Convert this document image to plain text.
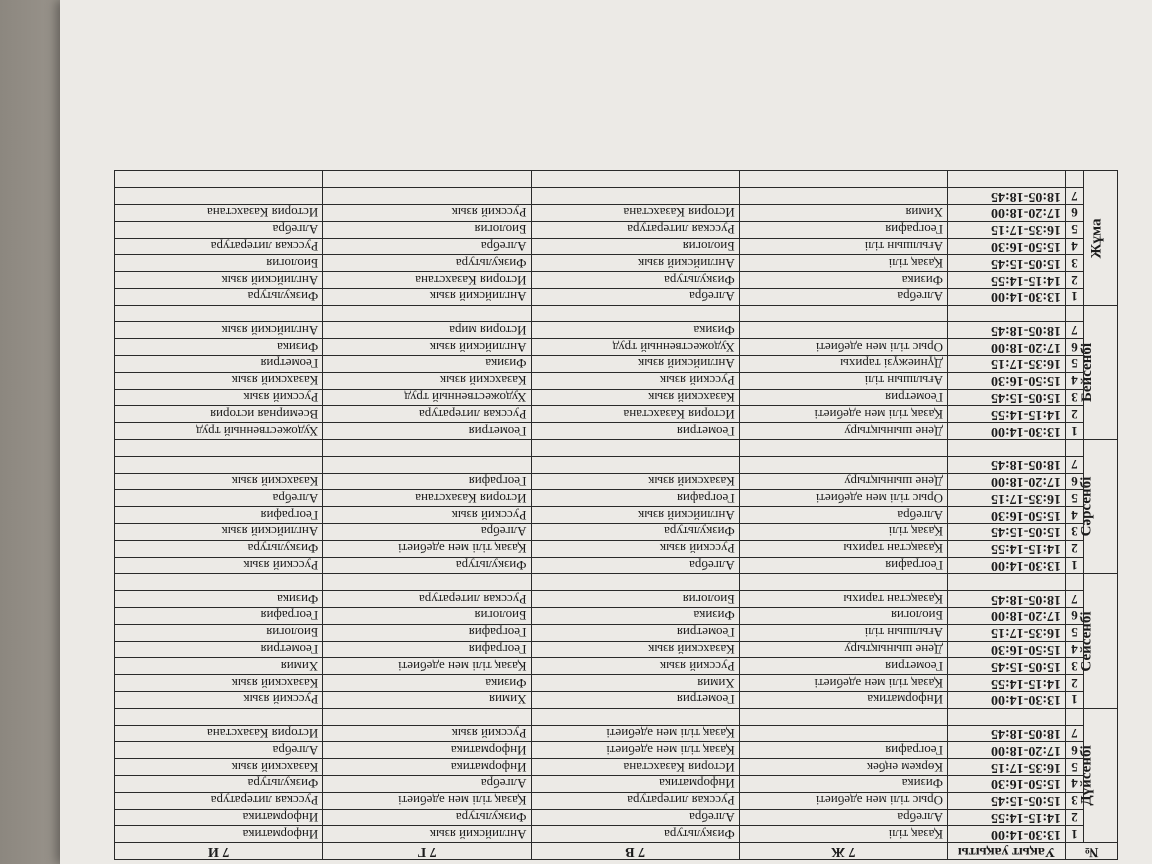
№		Уақыт уақыты	7 Ж	7 В	7 Г	7 И
Дүйсенбі	1	13:30-14:00	Қазақ тілі	Физкультура	Английский язык	Информатика
	2	14:15-14:55	Алгебра	Алгебра	Физкультура	Информатика
	3	15:05-15:45	Орыс тілі мен әдебиеті	Русская литература	Қазақ тілі мен әдебиеті	Русская литература
	4	15:50-16:30	Физика	Информатика	Алгебра	Физкультура
	5	16:35-17:15	Көркем еңбек	История Казахстана	Информатика	Казахский язык
	6	17:20-18:00	География	Қазақ тілі мен әдебиеті	Информатика	Алгебра
	7	18:05-18:45		Қазақ тілі мен әдебиеті	Русский язык	История Казахстана

Сейсенбі	1	13:30-14:00	Информатика	Геометрия	Химия	Русский язык
	2	14:15-14:55	Қазақ тілі мен әдебиеті	Химия	Физика	Казахский язык
	3	15:05-15:45	Геометрия	Русский язык	Қазақ тілі мен әдебиеті	Химия
	4	15:50-16:30	Дене шынықтыру	Казахский язык	География	Геометрия
	5	16:35-17:15	Ағылшын тілі	Геометрия	География	Биология
	6	17:20-18:00	Биология	Физика	Биология	География
	7	18:05-18:45	Қазақстан тарихы	Биология	Русская литература	Физика

Сәрсенбі	1	13:30-14:00	География	Алгебра	Физкультура	Русский язык
	2	14:15-14:55	Қазақстан тарихы	Русский язык	Қазақ тілі мен әдебиеті	Физкультура
	3	15:05-15:45	Қазақ тілі	Физкультура	Алгебра	Английский язык
	4	15:50-16:30	Алгебра	Английский язык	Русский язык	География
	5	16:35-17:15	Орыс тілі мен әдебиеті	География	История Казахстана	Алгебра
	6	17:20-18:00	Дене шынықтыру	Казахский язык	География	Казахский язык
	7	18:05-18:45				

Бейсенбі	1	13:30-14:00	Дене шынықтыру	Геометрия	Геометрия	Художественный труд
	2	14:15-14:55	Қазақ тілі мен әдебиеті	История Казахстана	Русская литература	Всемирная история
	3	15:05-15:45	Геометрия	Казахский язык	Художественный труд	Русский язык
	4	15:50-16:30	Ағылшын тілі	Русский язык	Казахский язык	Казахский язык
	5	16:35-17:15	Дүниежүзі тарихы	Английский язык	Физика	Геометрия
	6	17:20-18:00	Орыс тілі мен әдебиеті	Художественный труд	Английский язык	Физика
	7	18:05-18:45		Физика	История мира	Английский язык

Жұма	1	13:30-14:00	Алгебра	Алгебра	Английский язык	Физкультура
	2	14:15-14:55	Физика	Физкультура	История Казахстана	Английский язык
	3	15:05-15:45	Қазақ тілі	Английский язык	Физкультура	Биология
	4	15:50-16:30	Ағылшын тілі	Биология	Алгебра	Русская литература
	5	16:35-17:15	География	Русская литература	Биология	Алгебра
	6	17:20-18:00	Химия	История Казахстана	Русский язык	История Казахстана
	7	18:05-18:45				
